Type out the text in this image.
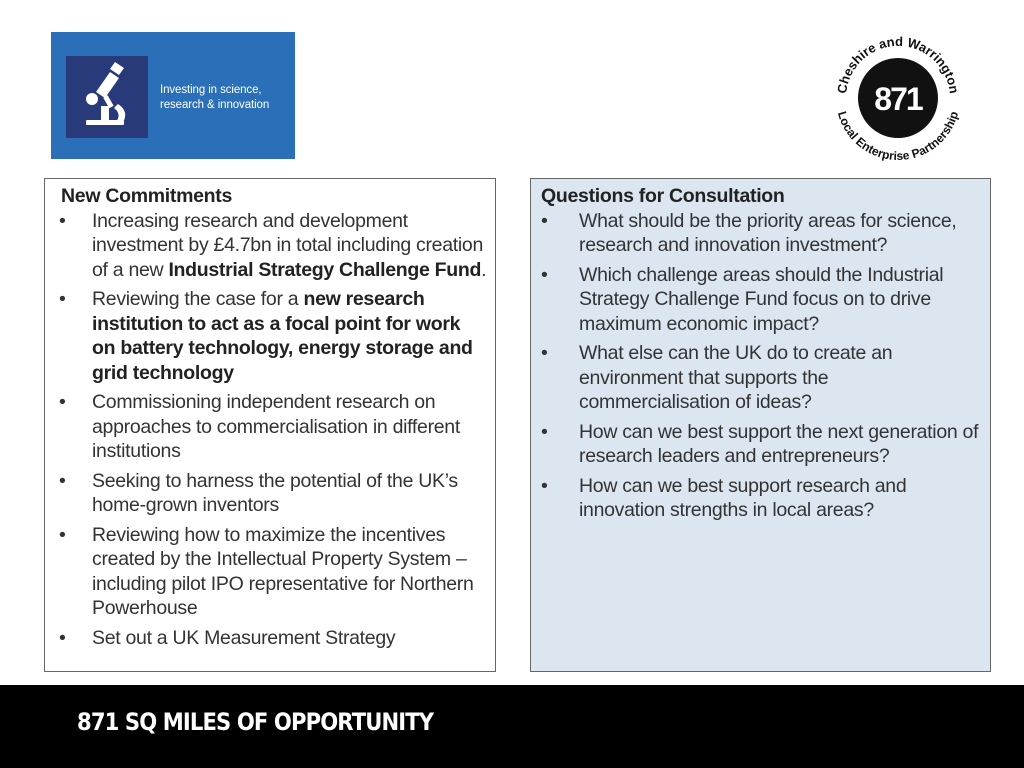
Investing in science,
research & innovation	871
Cheshire and Warrington
Local Enterprise Partnership
New Commitments
• Increasing research and development investment by £4.7bn in total including creation of a new Industrial Strategy Challenge Fund.
• Reviewing the case for a new research institution to act as a focal point for work on battery technology, energy storage and grid technology
• Commissioning independent research on approaches to commercialisation in different institutions
• Seeking to harness the potential of the UK’s home-grown inventors
• Reviewing how to maximize the incentives created by the Intellectual Property System – including pilot IPO representative for Northern Powerhouse
• Set out a UK Measurement Strategy
Questions for Consultation
• What should be the priority areas for science, research and innovation investment?
• Which challenge areas should the Industrial Strategy Challenge Fund focus on to drive maximum economic impact?
• What else can the UK do to create an environment that supports the commercialisation of ideas?
• How can we best support the next generation of research leaders and entrepreneurs?
• How can we best support research and innovation strengths in local areas?
871 SQ MILES OF OPPORTUNITY
